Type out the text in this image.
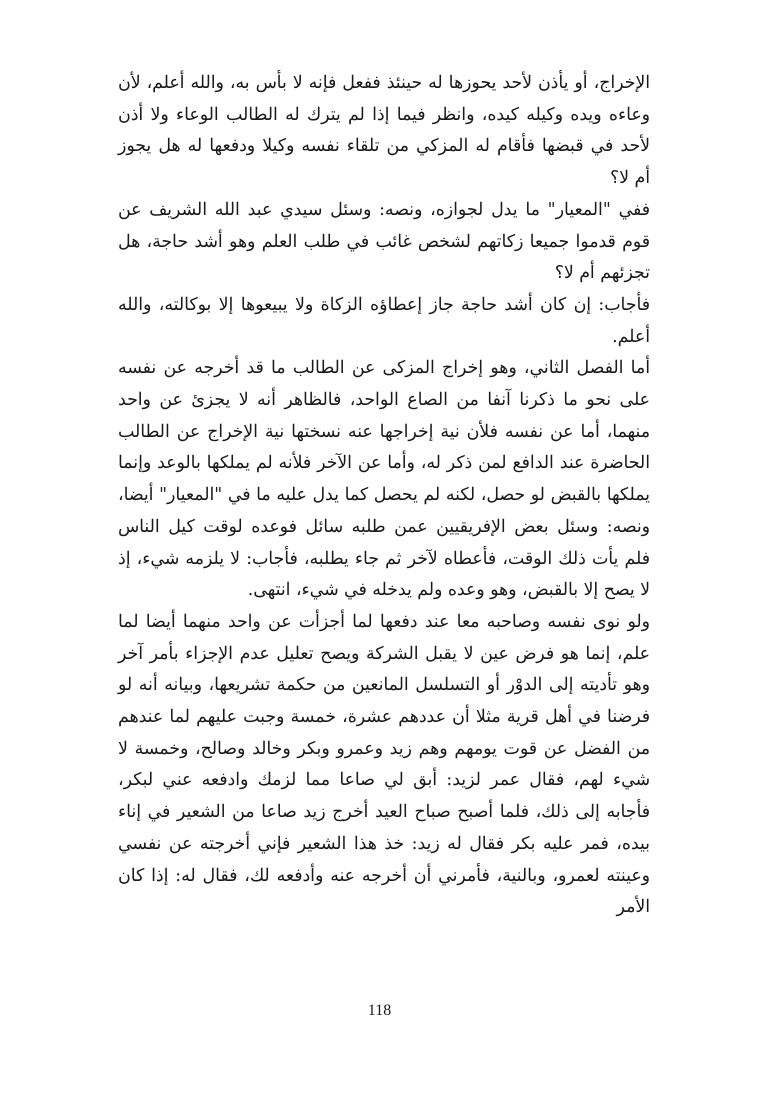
الإخراج، أو يأذن لأحد يحوزها له حينئذ ففعل فإنه لا بأس به، والله أعلم، لأن وعاءه ويده وكيله كيده، وانظر فيما إذا لم يترك له الطالب الوعاء ولا أذن لأحد في قبضها فأقام له المزكي من تلقاء نفسه وكيلا ودفعها له هل يجوز أم لا؟

ففي "المعيار" ما يدل لجوازه، ونصه: وسئل سيدي عبد الله الشريف عن قوم قدموا جميعا زكاتهم لشخص غائب في طلب العلم وهو أشد حاجة، هل تجزئهم أم لا؟

فأجاب: إن كان أشد حاجة جاز إعطاؤه الزكاة ولا يبيعوها إلا بوكالته، والله أعلم.

أما الفصل الثاني، وهو إخراج المزكى عن الطالب ما قد أخرجه عن نفسه على نحو ما ذكرنا آنفا من الصاع الواحد، فالظاهر أنه لا يجزئ عن واحد منهما، أما عن نفسه فلأن نية إخراجها عنه نسختها نية الإخراج عن الطالب الحاضرة عند الدافع لمن ذكر له، وأما عن الآخر فلأنه لم يملكها بالوعد وإنما يملكها بالقبض لو حصل، لكنه لم يحصل كما يدل عليه ما في "المعيار" أيضا، ونصه: وسئل بعض الإفريقيين عمن طلبه سائل فوعده لوقت كيل الناس فلم يأت ذلك الوقت، فأعطاه لآخر ثم جاء يطلبه، فأجاب: لا يلزمه شيء، إذ لا يصح إلا بالقبض، وهو وعده ولم يدخله في شيء، انتهى.

ولو نوى نفسه وصاحبه معا عند دفعها لما أجزأت عن واحد منهما أيضا لما علم، إنما هو فرض عين لا يقبل الشركة ويصح تعليل عدم الإجزاء بأمر آخر وهو تأديته إلى الدوْر أو التسلسل المانعين من حكمة تشريعها، وبيانه أنه لو فرضنا في أهل قرية مثلا أن عددهم عشرة، خمسة وجبت عليهم لما عندهم من الفضل عن قوت يومهم وهم زيد وعمرو وبكر وخالد وصالح، وخمسة لا شيء لهم، فقال عمر لزيد: أبق لي صاعا مما لزمك وادفعه عني لبكر، فأجابه إلى ذلك، فلما أصبح صباح العيد أخرج زيد صاعا من الشعير في إناء بيده، فمر عليه بكر فقال له زيد: خذ هذا الشعير فإني أخرجته عن نفسي وعينته لعمرو، وبالنية، فأمرني أن أخرجه عنه وأدفعه لك، فقال له: إذا كان الأمر

118
